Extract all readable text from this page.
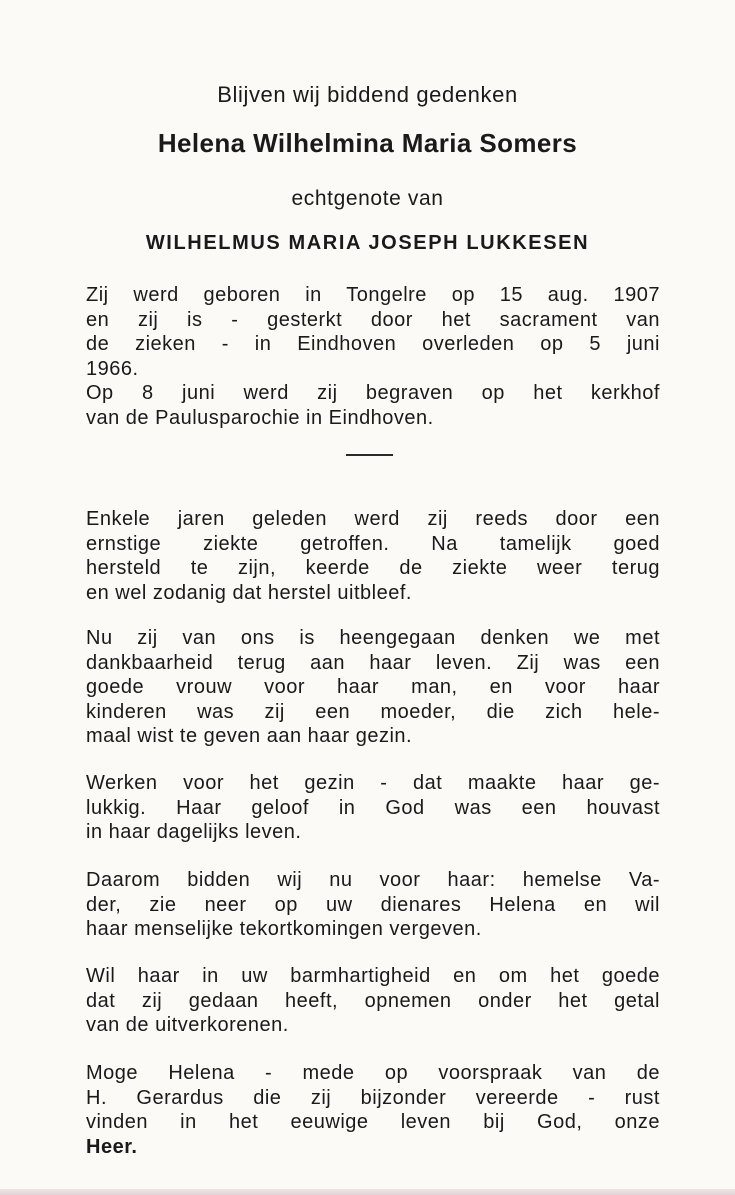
Blijven wij biddend gedenken
Helena Wilhelmina Maria Somers
echtgenote van
WILHELMUS MARIA JOSEPH LUKKESEN
Zij werd geboren in Tongelre op 15 aug. 1907
en zij is - gesterkt door het sacrament van
de zieken - in Eindhoven overleden op 5 juni
1966.
Op 8 juni werd zij begraven op het kerkhof
van de Paulusparochie in Eindhoven.
Enkele jaren geleden werd zij reeds door een
ernstige ziekte getroffen. Na tamelijk goed
hersteld te zijn, keerde de ziekte weer terug
en wel zodanig dat herstel uitbleef.
Nu zij van ons is heengegaan denken we met
dankbaarheid terug aan haar leven. Zij was een
goede vrouw voor haar man, en voor haar
kinderen was zij een moeder, die zich hele-
maal wist te geven aan haar gezin.
Werken voor het gezin - dat maakte haar ge-
lukkig. Haar geloof in God was een houvast
in haar dagelijks leven.
Daarom bidden wij nu voor haar: hemelse Va-
der, zie neer op uw dienares Helena en wil
haar menselijke tekortkomingen vergeven.
Wil haar in uw barmhartigheid en om het goede
dat zij gedaan heeft, opnemen onder het getal
van de uitverkorenen.
Moge Helena - mede op voorspraak van de
H. Gerardus die zij bijzonder vereerde - rust
vinden in het eeuwige leven bij God, onze
Heer.
